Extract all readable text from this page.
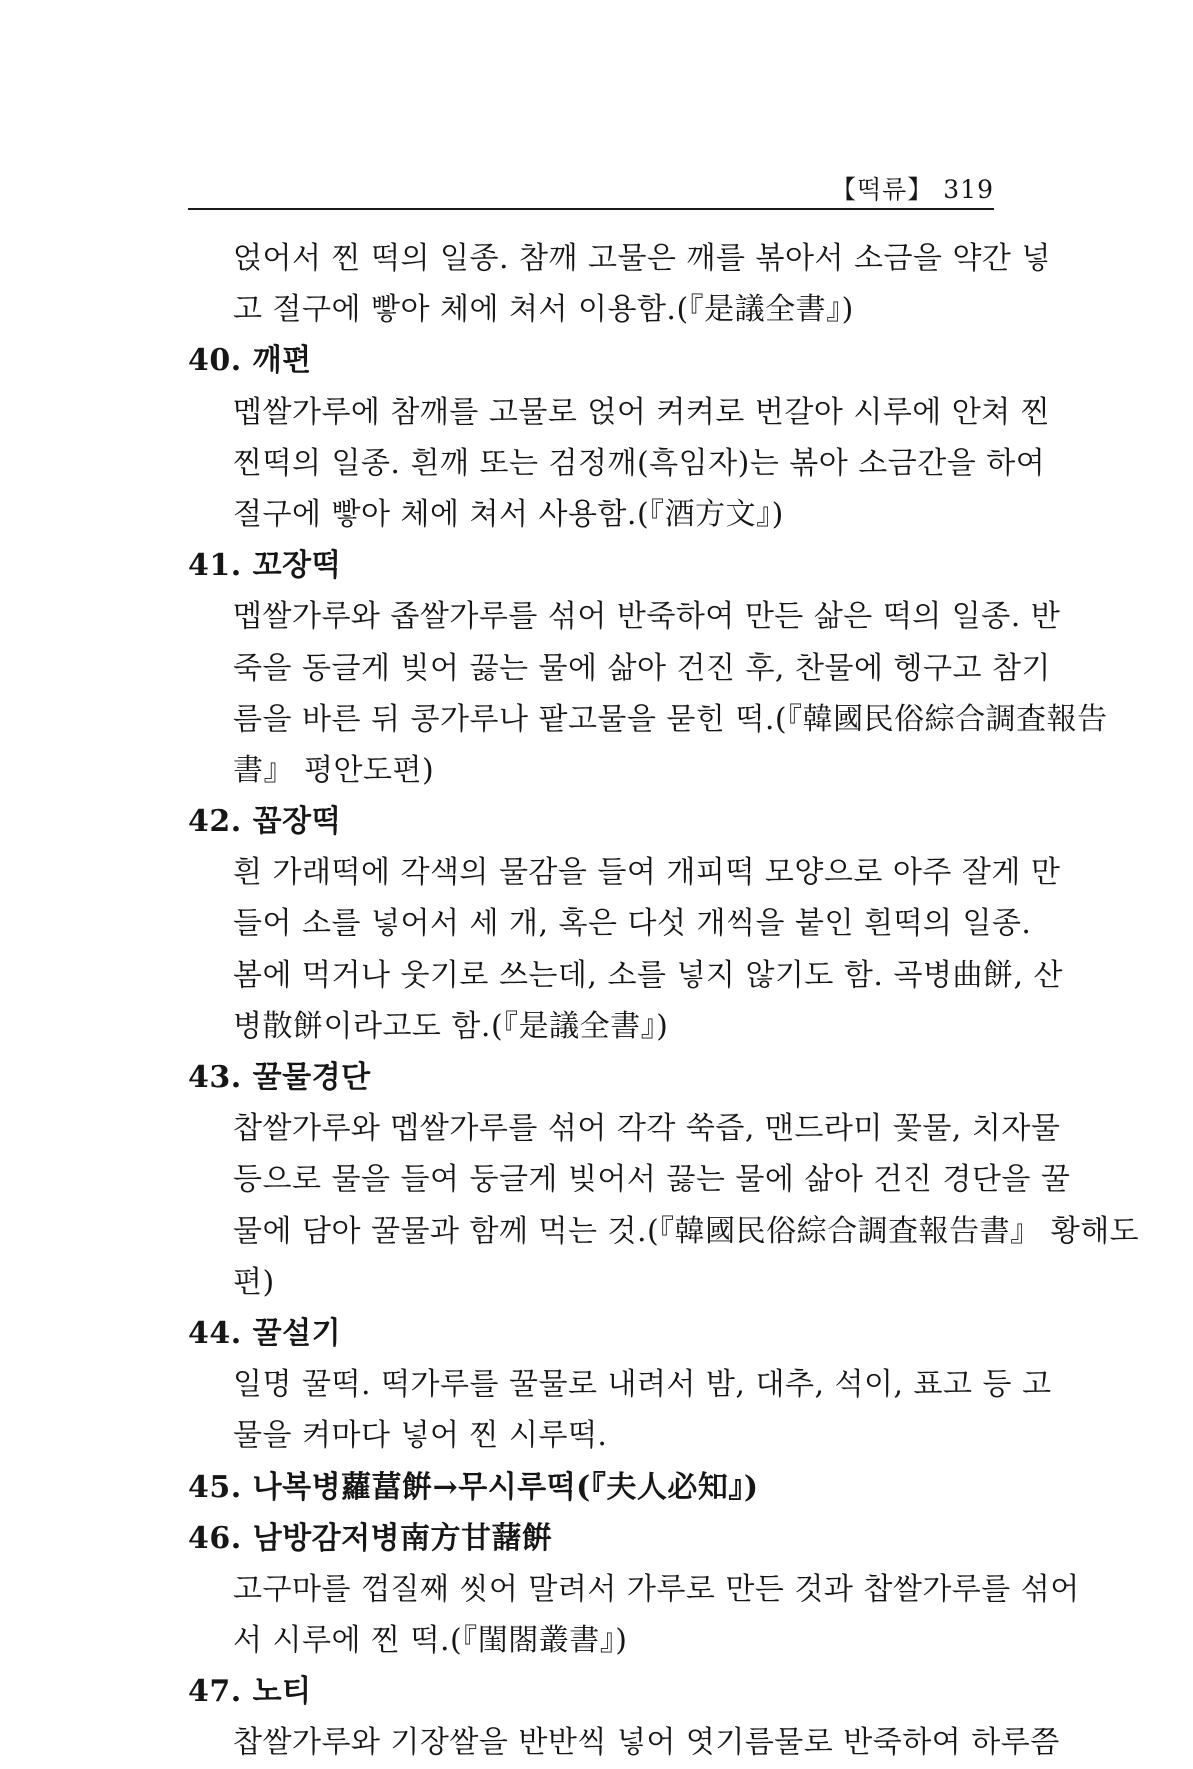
【떡류】 319
얹어서 찐 떡의 일종. 참깨 고물은 깨를 볶아서 소금을 약간 넣
고 절구에 빻아 체에 쳐서 이용함.(『是議全書』)
40. 깨편
멥쌀가루에 참깨를 고물로 얹어 켜켜로 번갈아 시루에 안쳐 찐
찐떡의 일종. 흰깨 또는 검정깨(흑임자)는 볶아 소금간을 하여
절구에 빻아 체에 쳐서 사용함.(『酒方文』)
41. 꼬장떡
멥쌀가루와 좁쌀가루를 섞어 반죽하여 만든 삶은 떡의 일종. 반
죽을 동글게 빚어 끓는 물에 삶아 건진 후, 찬물에 헹구고 참기
름을 바른 뒤 콩가루나 팥고물을 묻힌 떡.(『韓國民俗綜合調査報告
書』 평안도편)
42. 꼽장떡
흰 가래떡에 각색의 물감을 들여 개피떡 모양으로 아주 잘게 만
들어 소를 넣어서 세 개, 혹은 다섯 개씩을 붙인 흰떡의 일종.
봄에 먹거나 웃기로 쓰는데, 소를 넣지 않기도 함. 곡병曲餅, 산
병散餅이라고도 함.(『是議全書』)
43. 꿀물경단
찹쌀가루와 멥쌀가루를 섞어 각각 쑥즙, 맨드라미 꽃물, 치자물
등으로 물을 들여 둥글게 빚어서 끓는 물에 삶아 건진 경단을 꿀
물에 담아 꿀물과 함께 먹는 것.(『韓國民俗綜合調査報告書』 황해도
편)
44. 꿀설기
일명 꿀떡. 떡가루를 꿀물로 내려서 밤, 대추, 석이, 표고 등 고
물을 켜마다 넣어 찐 시루떡.
45. 나복병蘿葍餠→무시루떡(『夫人必知』)
46. 남방감저병南方甘藷餠
고구마를 껍질째 씻어 말려서 가루로 만든 것과 찹쌀가루를 섞어
서 시루에 찐 떡.(『閨閤叢書』)
47. 노티
찹쌀가루와 기장쌀을 반반씩 넣어 엿기름물로 반죽하여 하루쯤
